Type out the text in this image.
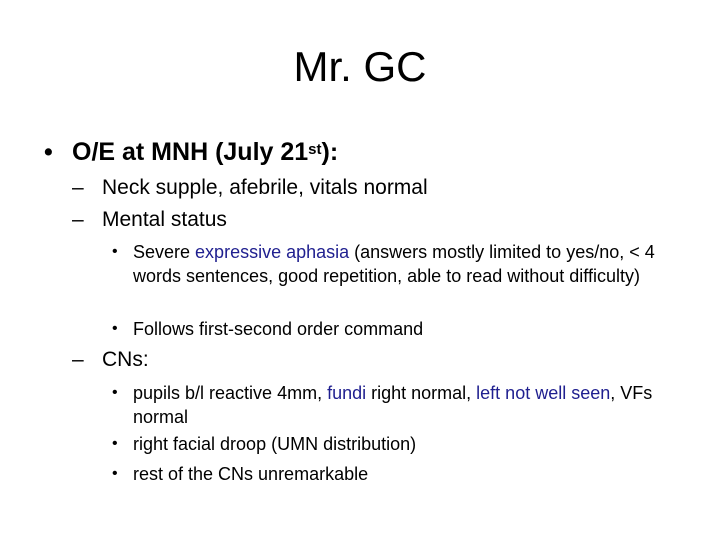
Mr. GC
• O/E at MNH (July 21st):
– Neck supple, afebrile, vitals normal
– Mental status
• Severe expressive aphasia (answers mostly limited to yes/no, < 4 words sentences, good repetition, able to read without difficulty)
• Follows first-second order command
– CNs:
• pupils b/l reactive 4mm, fundi right normal, left not well seen, VFs normal
• right facial droop (UMN distribution)
• rest of the CNs unremarkable
